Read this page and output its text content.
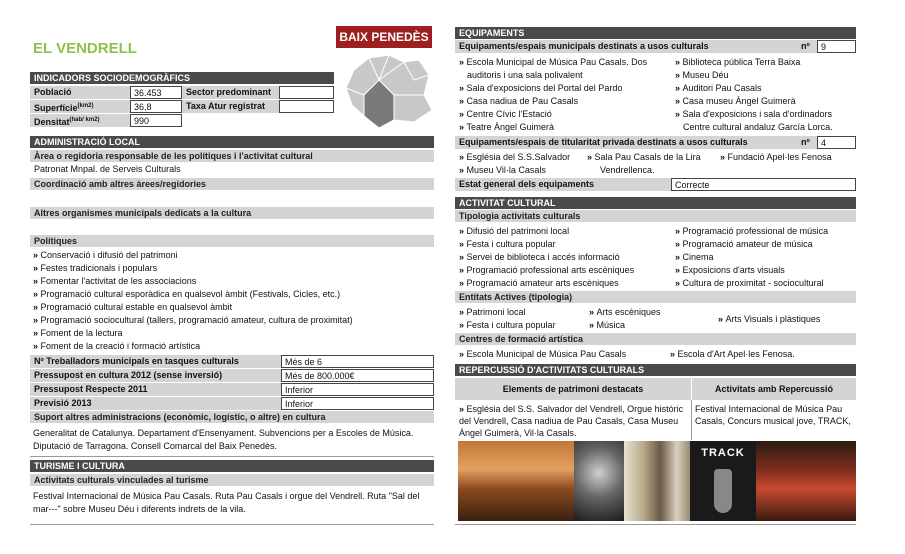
EL VENDRELL
BAIX PENEDÈS
INDICADORS SOCIODEMOGRÀFICS
Població	36.453	Sector predominant
Superfície$^{(km2)}$	36,8	Taxa Atur registrat
Densitat$^{(hab/ km2)}$	990
ADMINISTRACIÓ LOCAL
Àrea o regidoria responsable de les polítiques i l'activitat cultural
Patronat Mnpal. de Serveis Culturals
Coordinació amb altres àrees/regidories
Altres organismes municipals dedicats a la cultura
Polítiques
» Conservació i difusió del patrimoni
» Festes tradicionals i populars
» Fomentar l'activitat de les associacions
» Programació cultural esporàdica en qualsevol àmbit (Festivals, Cicles, etc.)
» Programació cultural estable en qualsevol àmbit
» Programació sociocultural (tallers, programació amateur, cultura de proximitat)
» Foment de la lectura
» Foment de la creació i formació artística
Nº Treballadors municipals en tasques culturals	Més de 6
Pressupost en cultura 2012 (sense inversió)	Més de 800.000€
Pressupost Respecte 2011	Inferior
Previsió 2013	Inferior
Suport altres administracions (econòmic, logístic, o altre) en cultura
Generalitat de Catalunya. Departament d'Ensenyament. Subvencions per a Escoles de Música. Diputació de Tarragona. Consell Comarcal del Baix Penedès.
TURISME I CULTURA
Activitats culturals vinculades al turisme
Festival Internacional de Música Pau Casals. Ruta Pau Casals i orgue del Vendrell. Ruta "Sal del mar---" sobre Museu Déu i diferents indrets de la vila.
EQUIPAMENTS
Equipaments/espais municipals destinats a usos culturals	nº	9
» Escola Municipal de Música Pau Casals. Dos
auditoris i una sala polivalent
» Sala d'exposicions del Portal del Pardo
» Casa nadiua de Pau Casals
» Centre Cívic l'Estació
» Teatre Àngel Guimerà
» Biblioteca pública Terra Baixa
» Museu Déu
» Auditori Pau Casals
» Casa museu Àngel Guimerà
» Sala d'exposicions i sala d'ordinadors
Centre cultural andaluz García Lorca.
Equipaments/espais de titularitat privada destinats a usos culturals	nº	4
» Església del S.S.Salvador	» Sala Pau Casals de la Lira
Vendrellenca.
» Fundació Apel·les Fenosa
» Museu Vil·la Casals
Estat general dels equipaments	Correcte
ACTIVITAT CULTURAL
Tipologia activitats culturals
» Difusió del patrimoni local
» Festa i cultura popular
» Servei de biblioteca i accés informació
» Programació professional arts escèniques
» Programació amateur arts escèniques
» Programació professional de música
» Programació amateur de música
» Cinema
» Exposicions d'arts visuals
» Cultura de proximitat - sociocultural
Entitats Actives (tipologia)
» Patrimoni local
» Festa i cultura popular
» Arts escèniques
» Música
» Arts Visuals i plàstiques
Centres de formació artística
» Escola Municipal de Música Pau Casals	» Escola d'Art Apel·les Fenosa.
REPERCUSSIÓ D'ACTIVITATS CULTURALS
Elements de patrimoni destacats	Activitats amb Repercussió
» Església del S.S. Salvador del Vendrell, Orgue històric del Vendrell, Casa nadiua de Pau Casals, Casa Museu Àngel Guimerà, Vil·la Casals.
Festival Internacional de Música Pau Casals, Concurs musical jove, TRACK,
TRACK
